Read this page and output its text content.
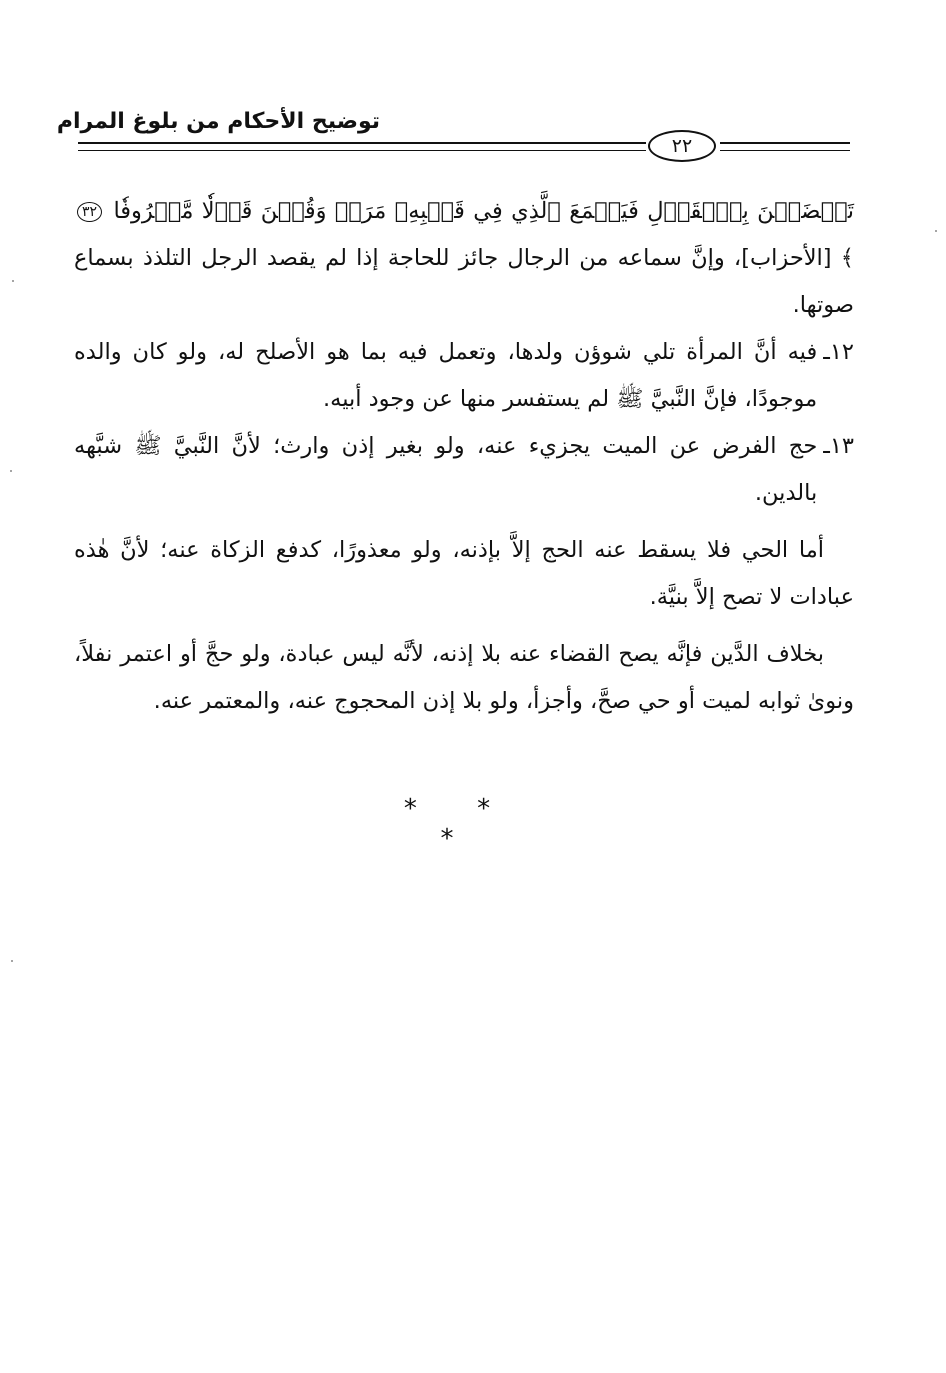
توضيح الأحكام من بلوغ المرام
٢٢

تَخۡضَعۡنَ بِٱلۡقَوۡلِ فَيَطۡمَعَ ٱلَّذِي فِي قَلۡبِهِۦ مَرَضٞ وَقُلۡنَ قَوۡلٗا مَّعۡرُوفٗا ٣٢ ﴾ [الأحزاب]، وإنَّ سماعه من الرجال جائز للحاجة إذا لم يقصد الرجل التلذذ بسماع صوتها.

١٢ـ
فيه أنَّ المرأة تلي شوؤن ولدها، وتعمل فيه بما هو الأصلح له، ولو كان والده موجودًا، فإنَّ النَّبيَّ ﷺ لم يستفسر منها عن وجود أبيه.
١٣ـ
حج الفرض عن الميت يجزيء عنه، ولو بغير إذن وارث؛ لأنَّ النَّبيَّ ﷺ شبَّهه بالدين.

أما الحي فلا يسقط عنه الحج إلاَّ بإذنه، ولو معذورًا، كدفع الزكاة عنه؛ لأنَّ هٰذه عبادات لا تصح إلاَّ بنيَّة.

بخلاف الدَّين فإنَّه يصح القضاء عنه بلا إذنه، لأنَّه ليس عبادة، ولو حجَّ أو اعتمر نفلاً، ونوىٰ ثوابه لميت أو حي صحَّ، وأجزأ، ولو بلا إذن المحجوج عنه، والمعتمر عنه.

* * *
